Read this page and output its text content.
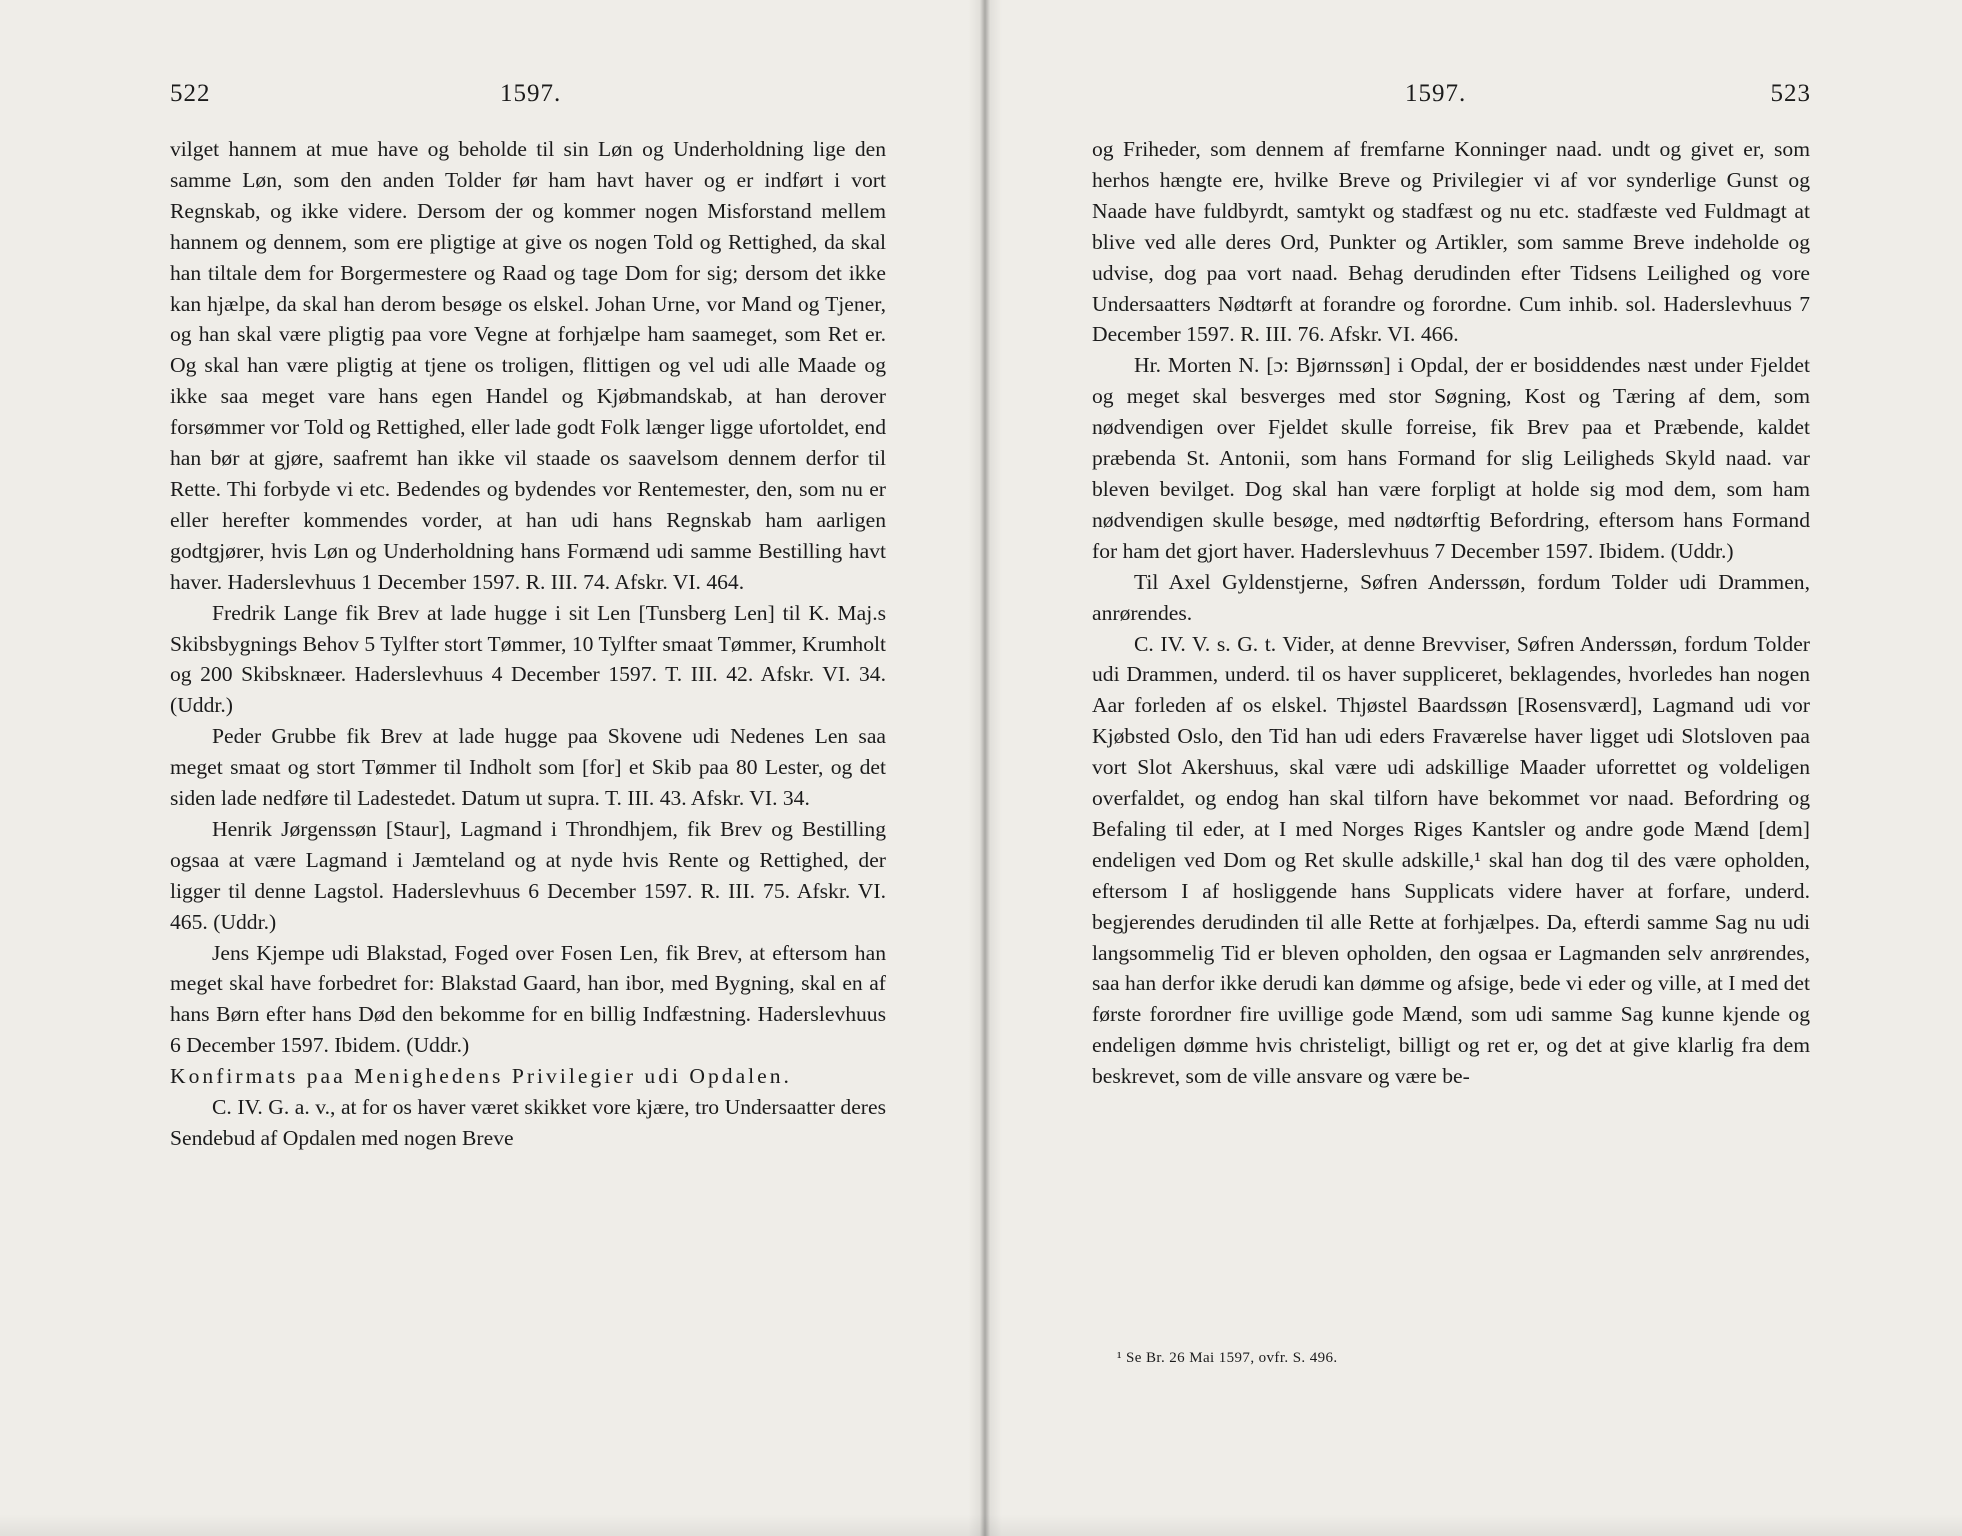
522	1597.

vilget hannem at mue have og beholde til sin Løn og Underholdning lige den samme Løn, som den anden Tolder før ham havt haver og er indført i vort Regnskab, og ikke videre. Dersom der og kommer nogen Misforstand mellem hannem og dennem, som ere pligtige at give os nogen Told og Rettighed, da skal han tiltale dem for Borgermestere og Raad og tage Dom for sig; dersom det ikke kan hjælpe, da skal han derom besøge os elskel. Johan Urne, vor Mand og Tjener, og han skal være pligtig paa vore Vegne at forhjælpe ham saameget, som Ret er. Og skal han være pligtig at tjene os troligen, flittigen og vel udi alle Maade og ikke saa meget vare hans egen Handel og Kjøbmandskab, at han derover forsømmer vor Told og Rettighed, eller lade godt Folk længer ligge ufortoldet, end han bør at gjøre, saafremt han ikke vil staade os saavelsom dennem derfor til Rette. Thi forbyde vi etc. Bedendes og bydendes vor Rentemester, den, som nu er eller herefter kommendes vorder, at han udi hans Regnskab ham aarligen godtgjører, hvis Løn og Underholdning hans Formænd udi samme Bestilling havt haver. Haderslevhuus 1 December 1597. R. III. 74. Afskr. VI. 464.

Fredrik Lange fik Brev at lade hugge i sit Len [Tunsberg Len] til K. Maj.s Skibsbygnings Behov 5 Tylfter stort Tømmer, 10 Tylfter smaat Tømmer, Krumholt og 200 Skibsknæer. Haderslevhuus 4 December 1597. T. III. 42. Afskr. VI. 34. (Uddr.)

Peder Grubbe fik Brev at lade hugge paa Skovene udi Nedenes Len saa meget smaat og stort Tømmer til Indholt som [for] et Skib paa 80 Lester, og det siden lade nedføre til Ladestedet. Datum ut supra. T. III. 43. Afskr. VI. 34.

Henrik Jørgenssøn [Staur], Lagmand i Throndhjem, fik Brev og Bestilling ogsaa at være Lagmand i Jæmteland og at nyde hvis Rente og Rettighed, der ligger til denne Lagstol. Haderslevhuus 6 December 1597. R. III. 75. Afskr. VI. 465. (Uddr.)

Jens Kjempe udi Blakstad, Foged over Fosen Len, fik Brev, at eftersom han meget skal have forbedret for: Blakstad Gaard, han ibor, med Bygning, skal en af hans Børn efter hans Død den bekomme for en billig Indfæstning. Haderslevhuus 6 December 1597. Ibidem. (Uddr.)

Konfirmats paa Menighedens Privilegier udi Opdalen.

C. IV. G. a. v., at for os haver været skikket vore kjære, tro Undersaatter deres Sendebud af Opdalen med nogen Breve

1597.	523

og Friheder, som dennem af fremfarne Konninger naad. undt og givet er, som herhos hængte ere, hvilke Breve og Privilegier vi af vor synderlige Gunst og Naade have fuldbyrdt, samtykt og stadfæst og nu etc. stadfæste ved Fuldmagt at blive ved alle deres Ord, Punkter og Artikler, som samme Breve indeholde og udvise, dog paa vort naad. Behag derudinden efter Tidsens Leilighed og vore Undersaatters Nødtørft at forandre og forordne. Cum inhib. sol. Haderslevhuus 7 December 1597. R. III. 76. Afskr. VI. 466.

Hr. Morten N. [ɔ: Bjørnssøn] i Opdal, der er bosiddendes næst under Fjeldet og meget skal besverges med stor Søgning, Kost og Tæring af dem, som nødvendigen over Fjeldet skulle forreise, fik Brev paa et Præbende, kaldet præbenda St. Antonii, som hans Formand for slig Leiligheds Skyld naad. var bleven bevilget. Dog skal han være forpligt at holde sig mod dem, som ham nødvendigen skulle besøge, med nødtørftig Befordring, eftersom hans Formand for ham det gjort haver. Haderslevhuus 7 December 1597. Ibidem. (Uddr.)

Til Axel Gyldenstjerne, Søfren Anderssøn, fordum Tolder udi Drammen, anrørendes.

C. IV. V. s. G. t. Vider, at denne Brevviser, Søfren Anderssøn, fordum Tolder udi Drammen, underd. til os haver suppliceret, beklagendes, hvorledes han nogen Aar forleden af os elskel. Thjøstel Baardssøn [Rosensværd], Lagmand udi vor Kjøbsted Oslo, den Tid han udi eders Fraværelse haver ligget udi Slotsloven paa vort Slot Akershuus, skal være udi adskillige Maader uforrettet og voldeligen overfaldet, og endog han skal tilforn have bekommet vor naad. Befordring og Befaling til eder, at I med Norges Riges Kantsler og andre gode Mænd [dem] endeligen ved Dom og Ret skulle adskille,¹ skal han dog til des være opholden, eftersom I af hosliggende hans Supplicats videre haver at forfare, underd. begjerendes derudinden til alle Rette at forhjælpes. Da, efterdi samme Sag nu udi langsommelig Tid er bleven opholden, den ogsaa er Lagmanden selv anrørendes, saa han derfor ikke derudi kan dømme og afsige, bede vi eder og ville, at I med det første forordner fire uvillige gode Mænd, som udi samme Sag kunne kjende og endeligen dømme hvis christeligt, billigt og ret er, og det at give klarlig fra dem beskrevet, som de ville ansvare og være be-

¹ Se Br. 26 Mai 1597, ovfr. S. 496.
